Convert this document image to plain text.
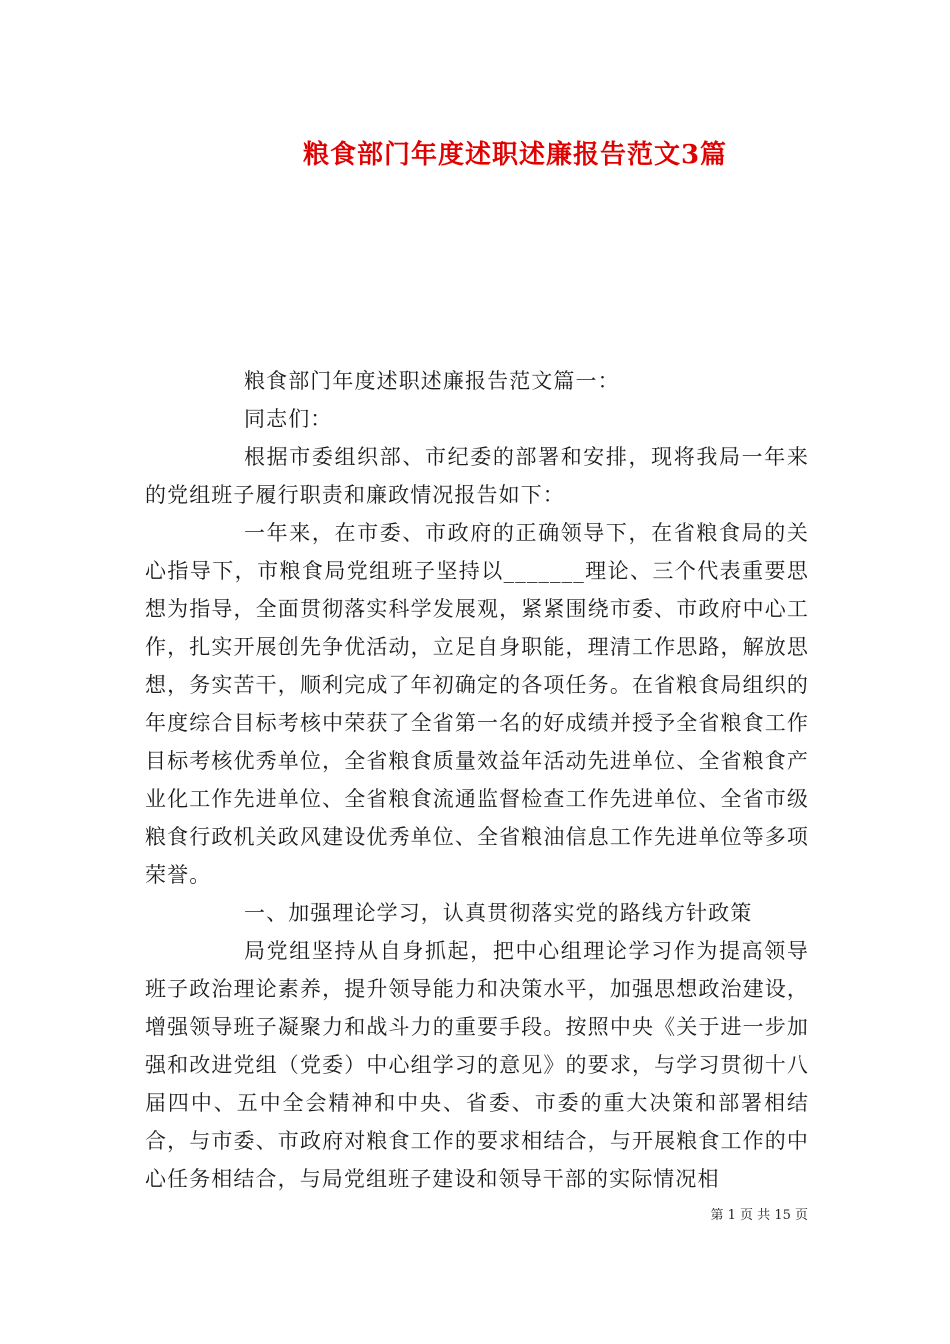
粮食部门年度述职述廉报告范文3篇

粮食部门年度述职述廉报告范文篇一：

同志们：

根据市委组织部、市纪委的部署和安排，现将我局一年来的党组班子履行职责和廉政情况报告如下：

一年来，在市委、市政府的正确领导下，在省粮食局的关心指导下，市粮食局党组班子坚持以_______理论、三个代表重要思想为指导，全面贯彻落实科学发展观，紧紧围绕市委、市政府中心工作，扎实开展创先争优活动，立足自身职能，理清工作思路，解放思想，务实苦干，顺利完成了年初确定的各项任务。在省粮食局组织的年度综合目标考核中荣获了全省第一名的好成绩并授予全省粮食工作目标考核优秀单位，全省粮食质量效益年活动先进单位、全省粮食产业化工作先进单位、全省粮食流通监督检查工作先进单位、全省市级粮食行政机关政风建设优秀单位、全省粮油信息工作先进单位等多项荣誉。

一、加强理论学习，认真贯彻落实党的路线方针政策

局党组坚持从自身抓起，把中心组理论学习作为提高领导班子政治理论素养，提升领导能力和决策水平，加强思想政治建设，增强领导班子凝聚力和战斗力的重要手段。按照中央《关于进一步加强和改进党组（党委）中心组学习的意见》的要求，与学习贯彻十八届四中、五中全会精神和中央、省委、市委的重大决策和部署相结合，与市委、市政府对粮食工作的要求相结合，与开展粮食工作的中心任务相结合，与局党组班子建设和领导干部的实际情况相

第 1 页 共 15 页
